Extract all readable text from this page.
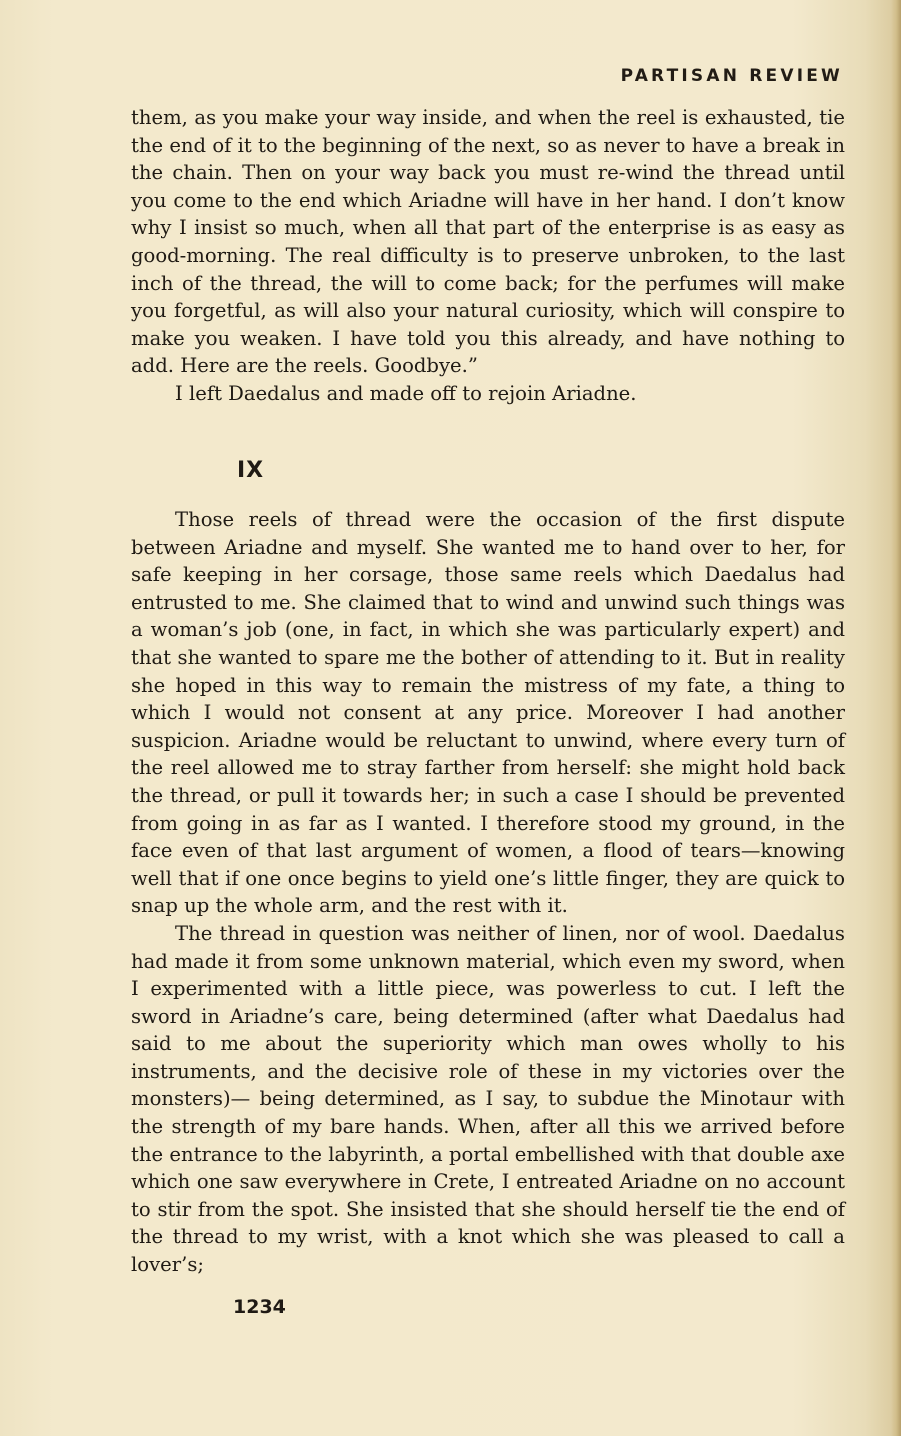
PARTISAN REVIEW

them, as you make your way inside, and when the reel is exhausted, tie the end of it to the beginning of the next, so as never to have a break in the chain. Then on your way back you must re-wind the thread until you come to the end which Ariadne will have in her hand. I don’t know why I insist so much, when all that part of the enterprise is as easy as good-morning. The real difficulty is to preserve unbroken, to the last inch of the thread, the will to come back; for the perfumes will make you forgetful, as will also your natural curiosity, which will conspire to make you weaken. I have told you this already, and have nothing to add. Here are the reels. Goodbye.”

I left Daedalus and made off to rejoin Ariadne.

IX

Those reels of thread were the occasion of the first dispute between Ariadne and myself. She wanted me to hand over to her, for safe keeping in her corsage, those same reels which Daedalus had entrusted to me. She claimed that to wind and unwind such things was a woman’s job (one, in fact, in which she was particularly expert) and that she wanted to spare me the bother of attending to it. But in reality she hoped in this way to remain the mistress of my fate, a thing to which I would not consent at any price. Moreover I had another suspicion. Ariadne would be reluctant to unwind, where every turn of the reel allowed me to stray farther from herself: she might hold back the thread, or pull it towards her; in such a case I should be prevented from going in as far as I wanted. I therefore stood my ground, in the face even of that last argument of women, a flood of tears—knowing well that if one once begins to yield one’s little finger, they are quick to snap up the whole arm, and the rest with it.

The thread in question was neither of linen, nor of wool. Daedalus had made it from some unknown material, which even my sword, when I experimented with a little piece, was powerless to cut. I left the sword in Ariadne’s care, being determined (after what Daedalus had said to me about the superiority which man owes wholly to his instruments, and the decisive role of these in my victories over the monsters)— being determined, as I say, to subdue the Minotaur with the strength of my bare hands. When, after all this we arrived before the entrance to the labyrinth, a portal embellished with that double axe which one saw everywhere in Crete, I entreated Ariadne on no account to stir from the spot. She insisted that she should herself tie the end of the thread to my wrist, with a knot which she was pleased to call a lover’s;

1234
